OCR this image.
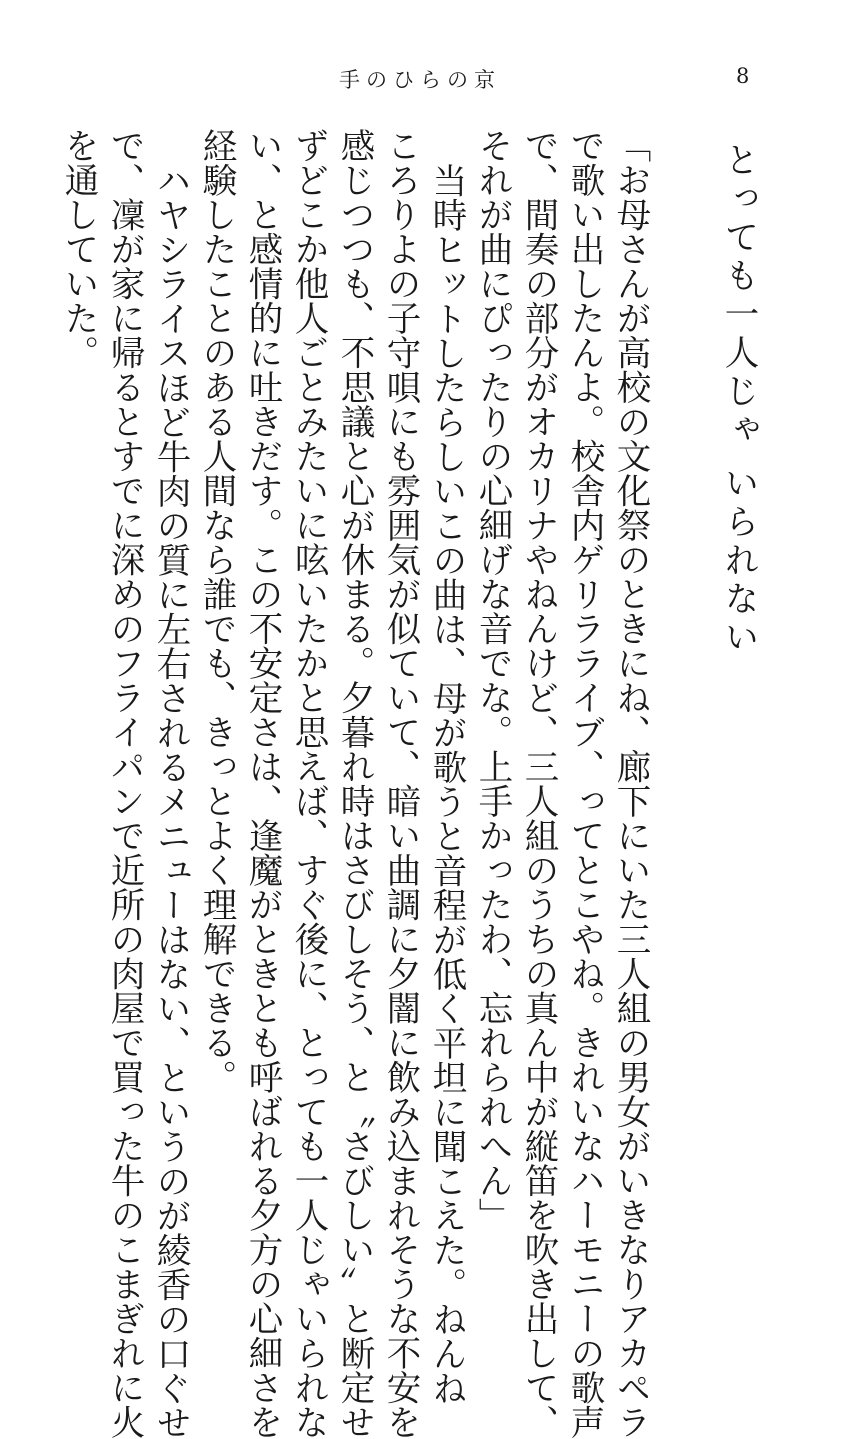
手のひらの京	8
とっても一人じゃ いられない
「お母さんが高校の文化祭のときにね、廊下にいた三人組の男女がいきなりアカペラ
で歌い出したんよ。校舎内ゲリラライブ、ってとこやね。きれいなハーモニーの歌声
で、間奏の部分がオカリナやねんけど、三人組のうちの真ん中が縦笛を吹き出して、
それが曲にぴったりの心細げな音でな。上手かったわ、忘れられへん」
当時ヒットしたらしいこの曲は、母が歌うと音程が低く平坦に聞こえた。ねんね
ころりよの子守唄にも雰囲気が似ていて、暗い曲調に夕闇に飲み込まれそうな不安を
感じつつも、不思議と心が休まる。夕暮れ時はさびしそう、と〝さびしい〟と断定せ
ずどこか他人ごとみたいに呟いたかと思えば、すぐ後に、とっても一人じゃいられな
い、と感情的に吐きだす。この不安定さは、逢魔がときとも呼ばれる夕方の心細さを
経験したことのある人間なら誰でも、きっとよく理解できる。
ハヤシライスほど牛肉の質に左右されるメニューはない、というのが綾香の口ぐせ
で、凜が家に帰るとすでに深めのフライパンで近所の肉屋で買った牛のこまぎれに火
を通していた。
